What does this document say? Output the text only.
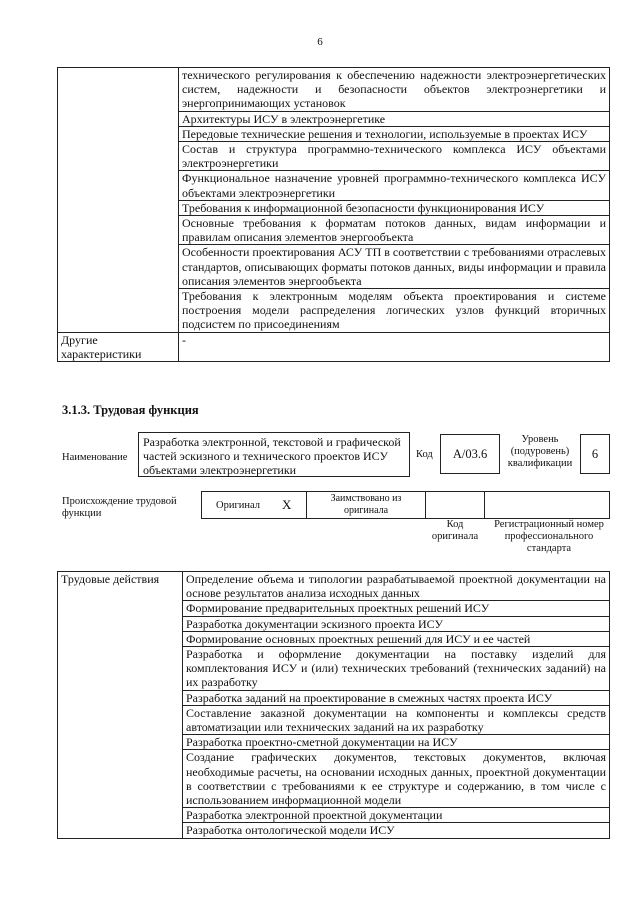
6
	технического регулирования к обеспечению надежности электроэнергетических систем, надежности и безопасности объектов электроэнергетики и энергопринимающих установок
	Архитектуры ИСУ в электроэнергетике
	Передовые технические решения и технологии, используемые в проектах ИСУ
	Состав и структура программно-технического комплекса ИСУ объектами электроэнергетики
	Функциональное назначение уровней программно-технического комплекса ИСУ объектами электроэнергетики
	Требования к информационной безопасности функционирования ИСУ
	Основные требования к форматам потоков данных, видам информации и правилам описания элементов энергообъекта
	Особенности проектирования АСУ ТП в соответствии с требованиями отраслевых стандартов, описывающих форматы потоков данных, виды информации и правила описания элементов энергообъекта
	Требования к электронным моделям объекта проектирования и системе построения модели распределения логических узлов функций вторичных подсистем по присоединениям
Другие характеристики	-
3.1.3. Трудовая функция
Наименование
Разработка электронной, текстовой и графической частей эскизного и технического проектов ИСУ объектами электроэнергетики
Код	А/03.6
Уровень (подуровень) квалификации
6
Происхождение трудовой функции
Оригинал X	Заимствовано из оригинала
Код оригинала
Регистрационный номер профессионального стандарта
Трудовые действия	Определение объема и типологии разрабатываемой проектной документации на основе результатов анализа исходных данных
Формирование предварительных проектных решений ИСУ
Разработка документации эскизного проекта ИСУ
Формирование основных проектных решений для ИСУ и ее частей
Разработка и оформление документации на поставку изделий для комплектования ИСУ и (или) технических требований (технических заданий) на их разработку
Разработка заданий на проектирование в смежных частях проекта ИСУ
Составление заказной документации на компоненты и комплексы средств автоматизации или технических заданий на их разработку
Разработка проектно-сметной документации на ИСУ
Создание графических документов, текстовых документов, включая необходимые расчеты, на основании исходных данных, проектной документации в соответствии с требованиями к ее структуре и содержанию, в том числе с использованием информационной модели
Разработка электронной проектной документации
Разработка онтологической модели ИСУ
